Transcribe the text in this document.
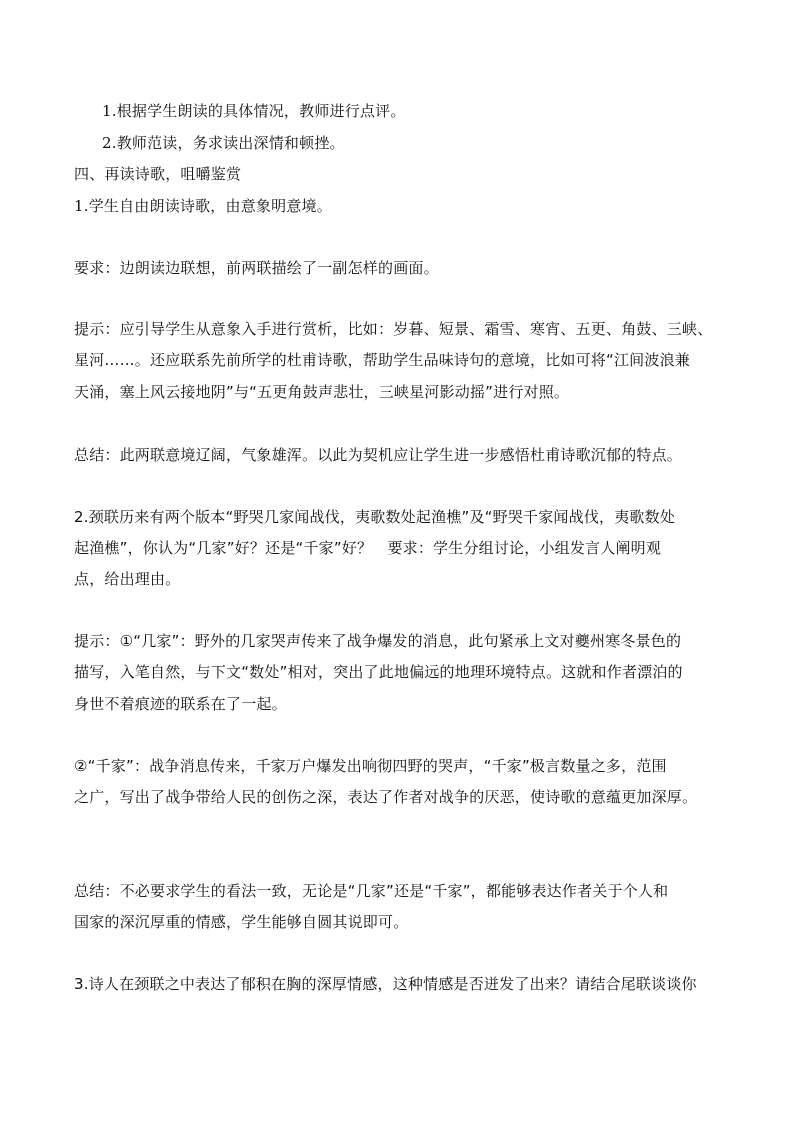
1.根据学生朗读的具体情况，教师进行点评。
2.教师范读，务求读出深情和顿挫。
四、再读诗歌，咀嚼鉴赏
1.学生自由朗读诗歌，由意象明意境。
要求：边朗读边联想，前两联描绘了一副怎样的画面。
提示：应引导学生从意象入手进行赏析，比如：岁暮、短景、霜雪、寒宵、五更、角鼓、三峡、
星河……。还应联系先前所学的杜甫诗歌，帮助学生品味诗句的意境，比如可将“江间波浪兼
天涌，塞上风云接地阴”与“五更角鼓声悲壮，三峡星河影动摇”进行对照。
总结：此两联意境辽阔，气象雄浑。以此为契机应让学生进一步感悟杜甫诗歌沉郁的特点。
2.颈联历来有两个版本“野哭几家闻战伐，夷歌数处起渔樵”及“野哭千家闻战伐，夷歌数处
起渔樵”，你认为“几家”好？还是“千家”好？　要求：学生分组讨论，小组发言人阐明观
点，给出理由。
提示：①“几家”：野外的几家哭声传来了战争爆发的消息，此句紧承上文对夔州寒冬景色的
描写，入笔自然，与下文“数处”相对，突出了此地偏远的地理环境特点。这就和作者漂泊的
身世不着痕迹的联系在了一起。
②“千家”：战争消息传来，千家万户爆发出响彻四野的哭声，“千家”极言数量之多，范围
之广，写出了战争带给人民的创伤之深，表达了作者对战争的厌恶，使诗歌的意蕴更加深厚。
总结：不必要求学生的看法一致，无论是“几家”还是“千家”，都能够表达作者关于个人和
国家的深沉厚重的情感，学生能够自圆其说即可。
3.诗人在颈联之中表达了郁积在胸的深厚情感，这种情感是否迸发了出来？请结合尾联谈谈你
